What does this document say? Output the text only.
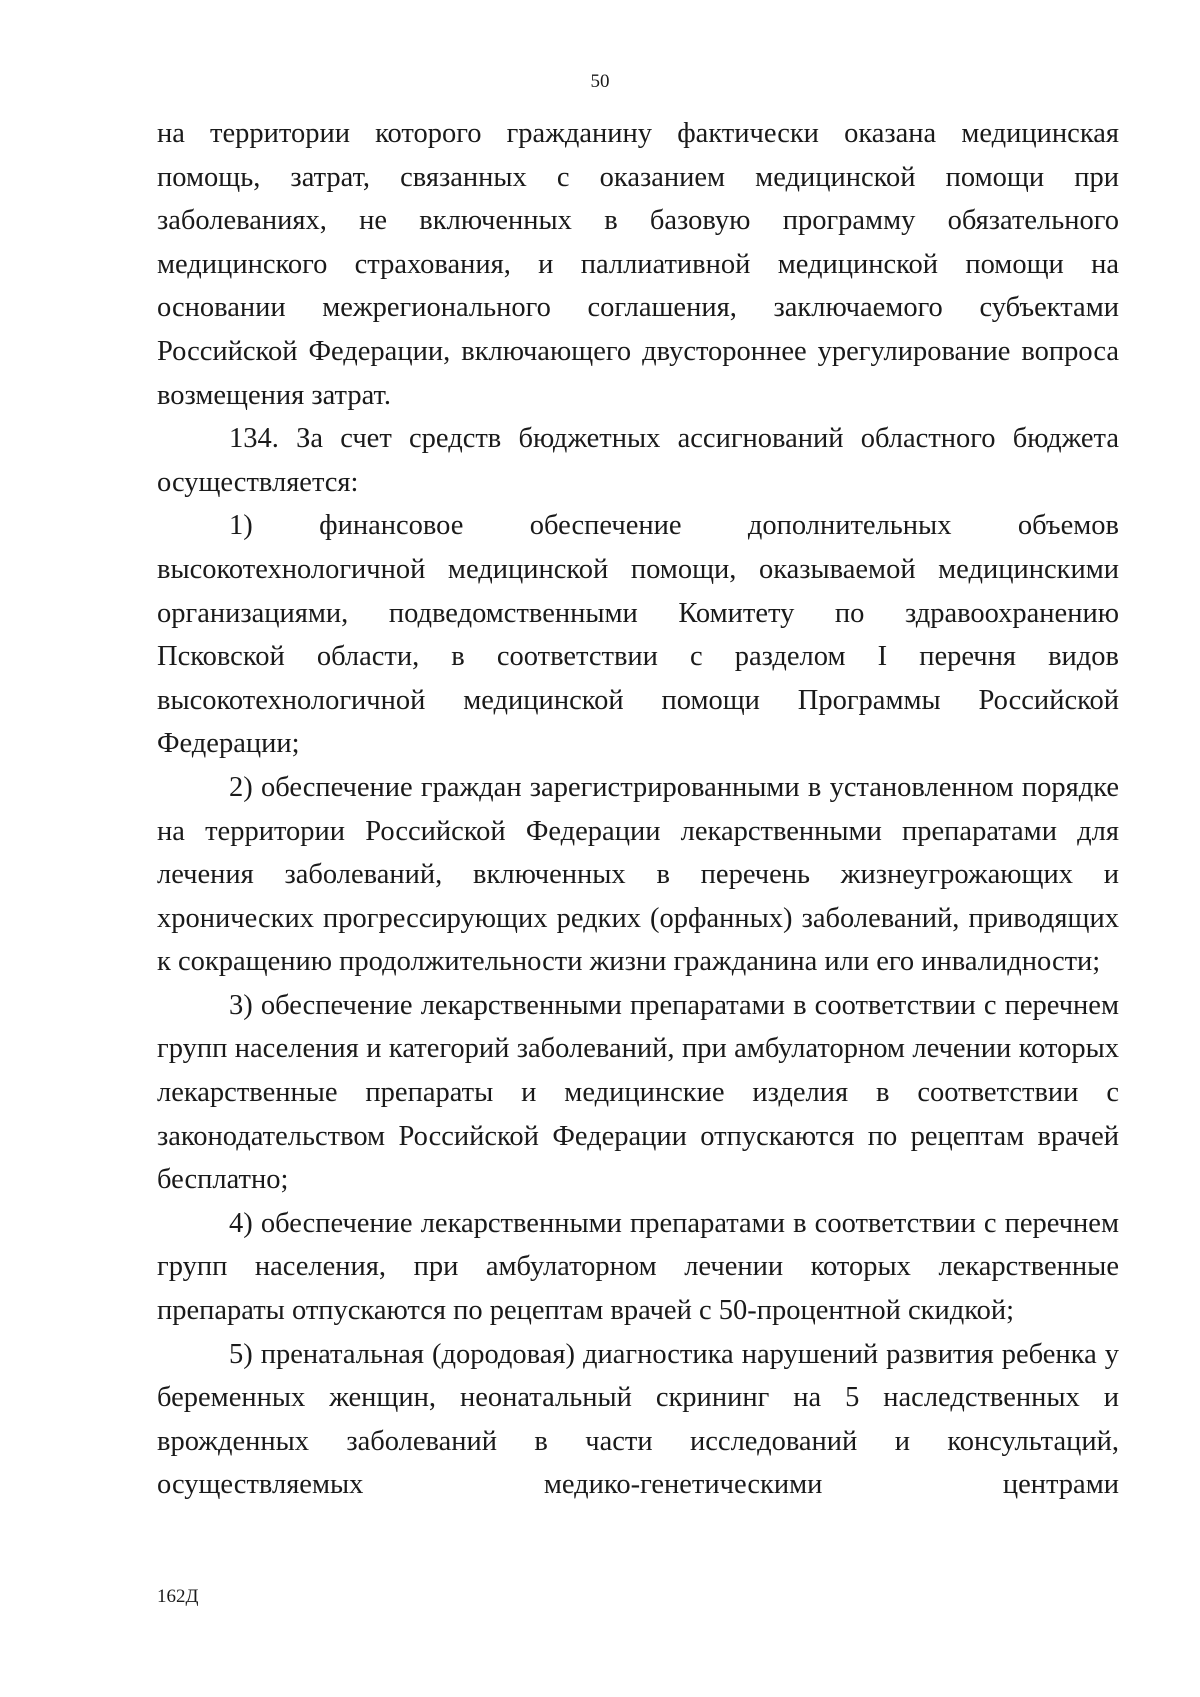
50

на территории которого гражданину фактически оказана медицинская помощь, затрат, связанных с оказанием медицинской помощи при заболеваниях, не включенных в базовую программу обязательного медицинского страхования, и паллиативной медицинской помощи на основании межрегионального соглашения, заключаемого субъектами Российской Федерации, включающего двустороннее урегулирование вопроса возмещения затрат.

134. За счет средств бюджетных ассигнований областного бюджета осуществляется:

1) финансовое обеспечение дополнительных объемов высокотехнологичной медицинской помощи, оказываемой медицинскими организациями, подведомственными Комитету по здравоохранению Псковской области, в соответствии с разделом I перечня видов высокотехнологичной медицинской помощи Программы Российской Федерации;

2) обеспечение граждан зарегистрированными в установленном порядке на территории Российской Федерации лекарственными препаратами для лечения заболеваний, включенных в перечень жизнеугрожающих и хронических прогрессирующих редких (орфанных) заболеваний, приводящих к сокращению продолжительности жизни гражданина или его инвалидности;

3) обеспечение лекарственными препаратами в соответствии с перечнем групп населения и категорий заболеваний, при амбулаторном лечении которых лекарственные препараты и медицинские изделия в соответствии с законодательством Российской Федерации отпускаются по рецептам врачей бесплатно;

4) обеспечение лекарственными препаратами в соответствии с перечнем групп населения, при амбулаторном лечении которых лекарственные препараты отпускаются по рецептам врачей с 50-процентной скидкой;

5) пренатальная (дородовая) диагностика нарушений развития ребенка у беременных женщин, неонатальный скрининг на 5 наследственных и врожденных заболеваний в части исследований и консультаций, осуществляемых медико-генетическими центрами

162Д
